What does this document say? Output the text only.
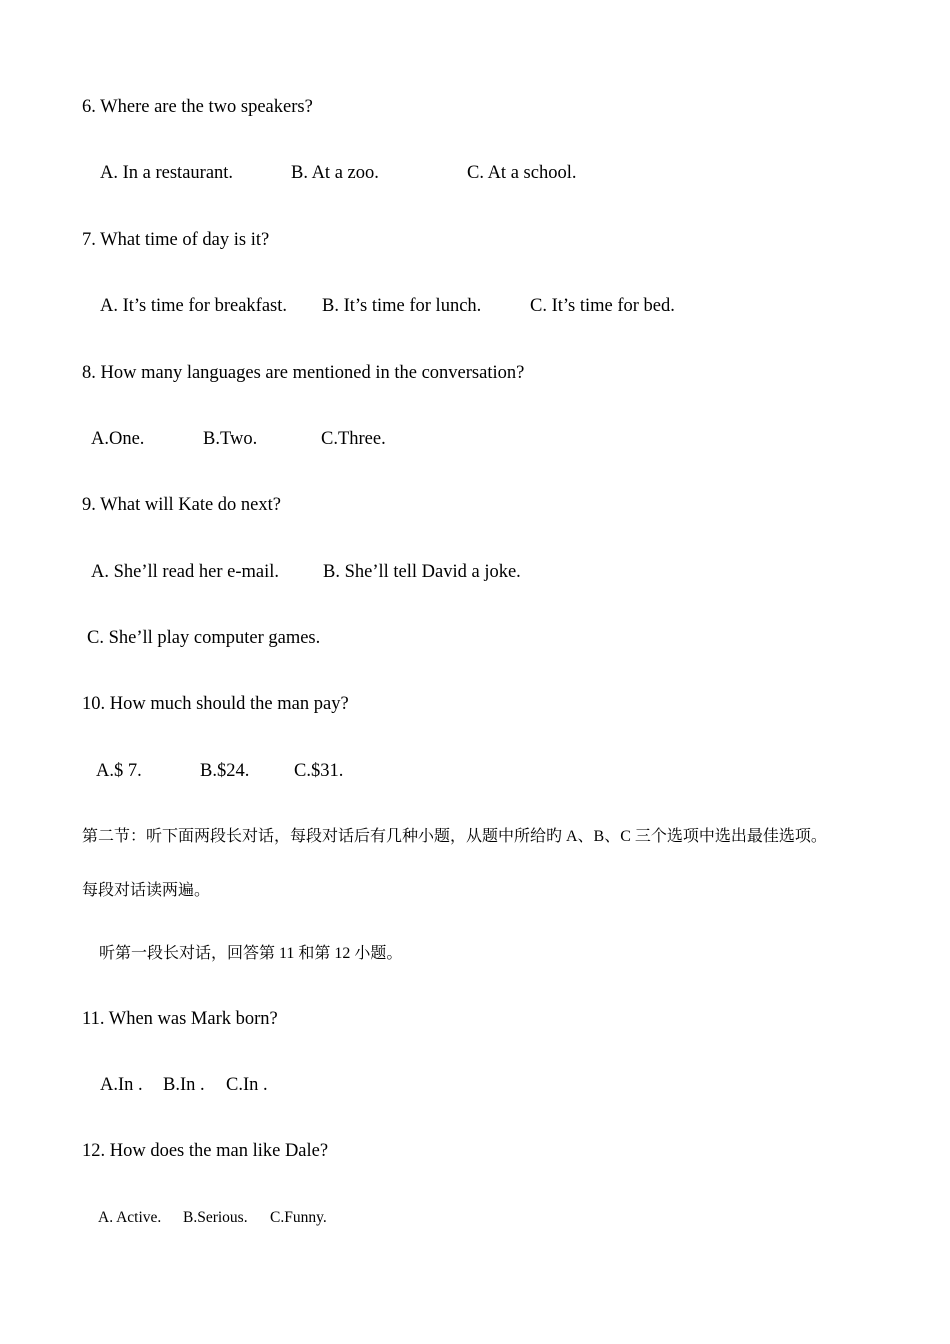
6. Where are the two speakers?
A. In a restaurant.	B. At a zoo.	C. At a school.
7. What time of day is it?
A. It’s time for breakfast. B. It’s time for lunch.	C. It’s time for bed.
8. How many languages are mentioned in the conversation?
A.One.	B.Two.	C.Three.
9. What will Kate do next?
A. She’ll read her e-mail. B. She’ll tell David a joke.
C. She’ll play computer games.
10. How much should the man pay?
A.$ 7.	B.$24. C.$31.
第二节：听下面两段长对话，每段对话后有几种小题，从题中所给旳 A、B、C 三个选项中选出最佳选项。
每段对话读两遍。
听第一段长对话，回答第 11 和第 12 小题。
11. When was Mark born?
A.In . B.In . C.In .
12. How does the man like Dale?
A. Active. B.Serious. C.Funny.
